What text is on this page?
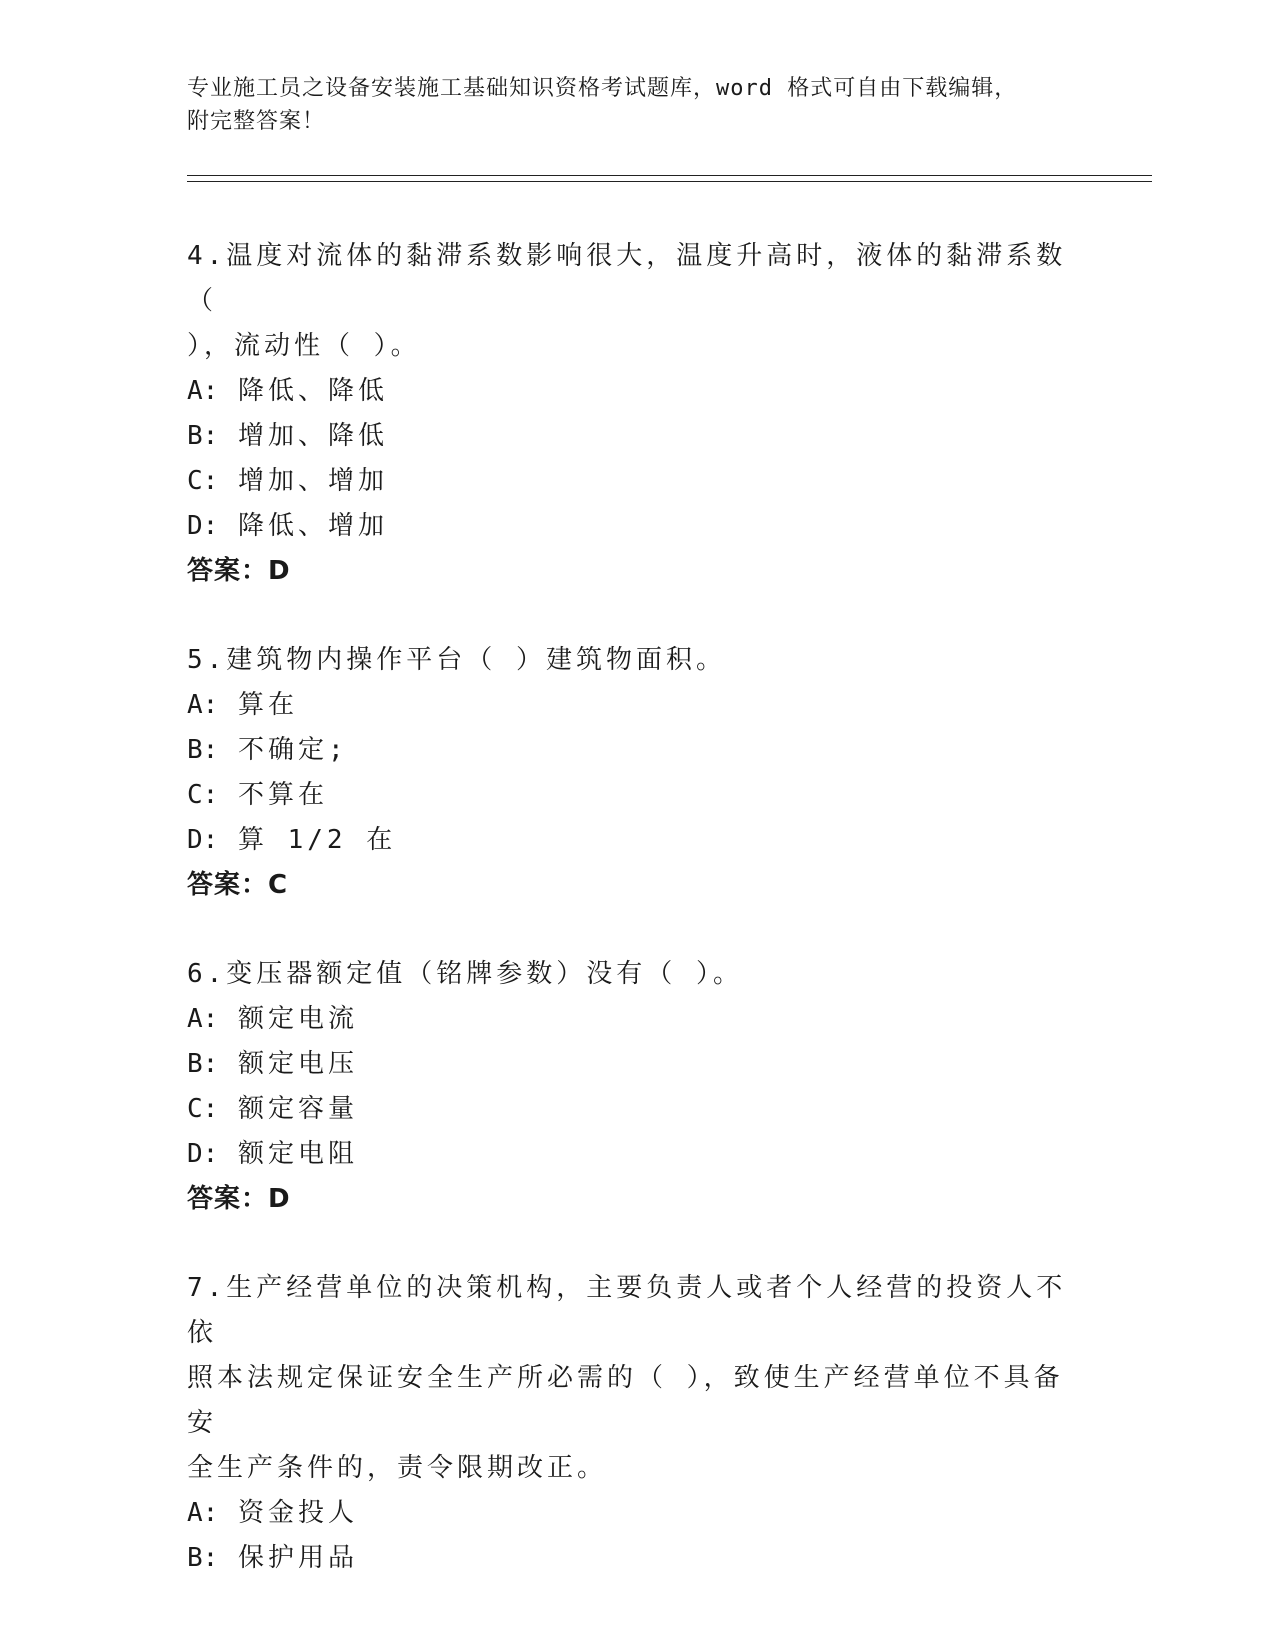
专业施工员之设备安装施工基础知识资格考试题库，word 格式可自由下载编辑，
附完整答案！
4.温度对流体的黏滞系数影响很大，温度升高时，液体的黏滞系数（
），流动性（ ）。
A: 降低、降低
B: 增加、降低
C: 增加、增加
D: 降低、增加
答案：D
5.建筑物内操作平台（ ）建筑物面积。
A: 算在
B: 不确定;
C: 不算在
D: 算 1/2 在
答案：C
6.变压器额定值（铭牌参数）没有（ ）。
A: 额定电流
B: 额定电压
C: 额定容量
D: 额定电阻
答案：D
7.生产经营单位的决策机构，主要负责人或者个人经营的投资人不依
照本法规定保证安全生产所必需的（ ），致使生产经营单位不具备安
全生产条件的，责令限期改正。
A: 资金投人
B: 保护用品
